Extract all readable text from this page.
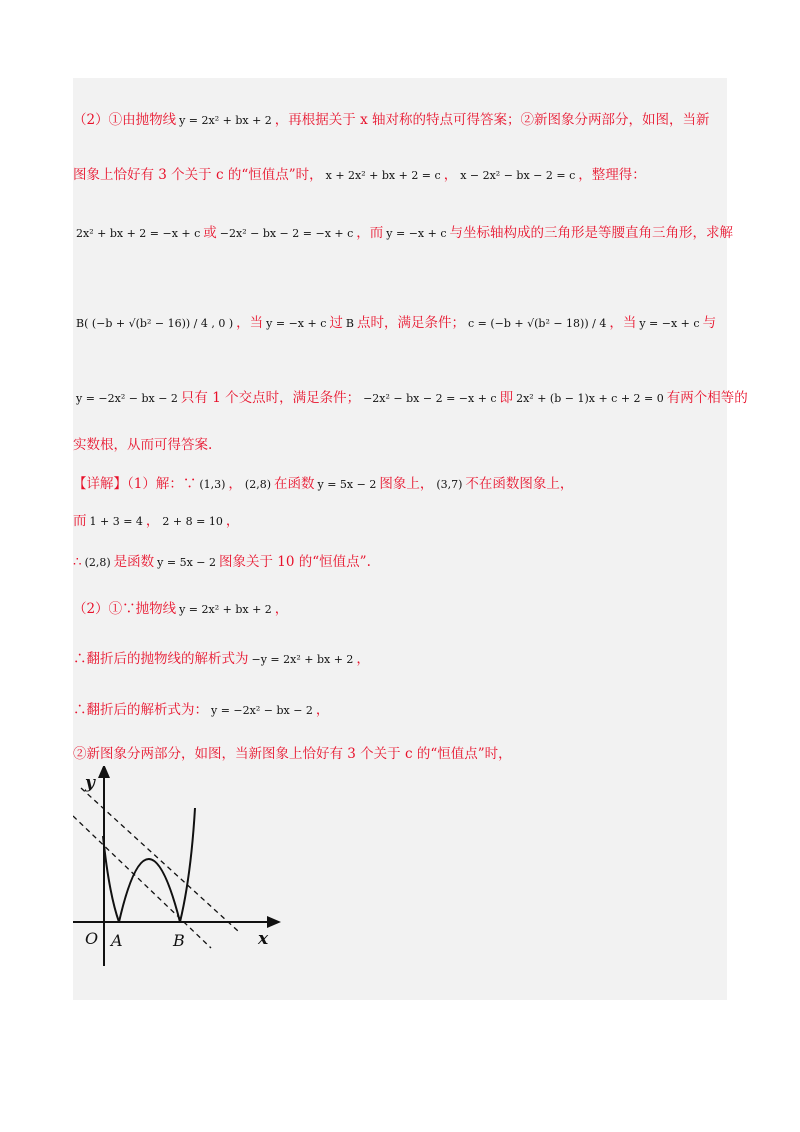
（2）①由抛物线 y = 2x² + bx + 2 ，再根据关于 x 轴对称的特点可得答案；②新图象分两部分，如图，当新
图象上恰好有 3 个关于 c 的“恒值点”时， x + 2x² + bx + 2 = c ， x − 2x² − bx − 2 = c ，整理得：
2x² + bx + 2 = −x + c 或 −2x² − bx − 2 = −x + c ，而 y = −x + c 与坐标轴构成的三角形是等腰直角三角形，求解
B( (−b + √(b² − 16)) / 4 , 0 ) ，当 y = −x + c 过 B 点时，满足条件； c = (−b + √(b² − 18)) / 4 ，当 y = −x + c 与
y = −2x² − bx − 2 只有 1 个交点时，满足条件； −2x² − bx − 2 = −x + c 即 2x² + (b − 1)x + c + 2 = 0 有两个相等的
实数根，从而可得答案.
【详解】（1）解：∵ (1,3) ， (2,8) 在函数 y = 5x − 2 图象上， (3,7) 不在函数图象上，
而 1 + 3 = 4 ， 2 + 8 = 10 ，
∴ (2,8) 是函数 y = 5x − 2 图象关于 10 的“恒值点”.
（2）①∵抛物线 y = 2x² + bx + 2 ，
∴翻折后的抛物线的解析式为 −y = 2x² + bx + 2 ，
∴翻折后的解析式为： y = −2x² − bx − 2 ，
②新图象分两部分，如图，当新图象上恰好有 3 个关于 c 的“恒值点”时，
y
x
O A	B
